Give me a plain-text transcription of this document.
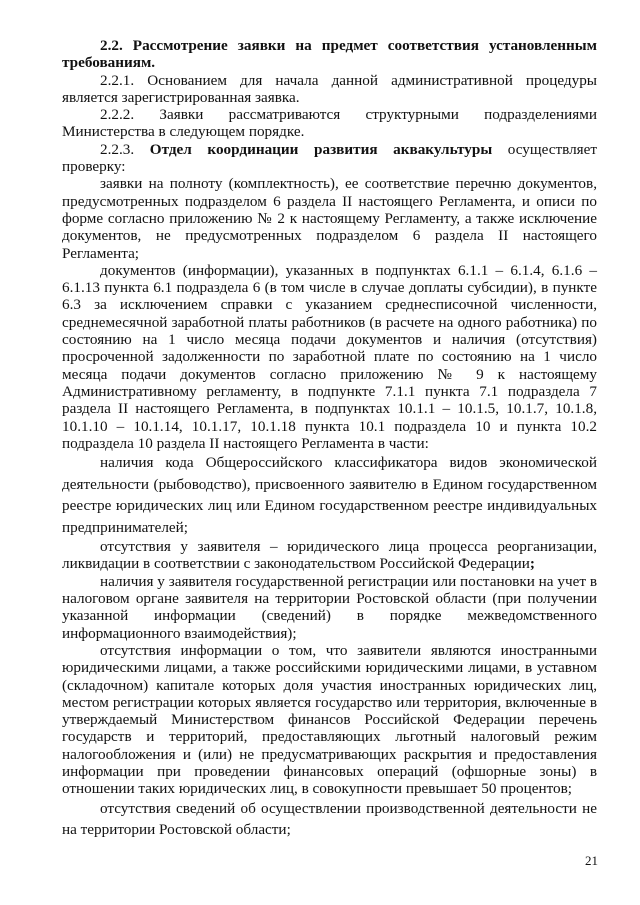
2.2. Рассмотрение заявки на предмет соответствия установленным требованиям.

2.2.1. Основанием для начала данной административной процедуры является зарегистрированная заявка.

2.2.2. Заявки рассматриваются структурными подразделениями Министерства в следующем порядке.

2.2.3. Отдел координации развития аквакультуры осуществляет проверку:

заявки на полноту (комплектность), ее соответствие перечню документов, предусмотренных подразделом 6 раздела II настоящего Регламента, и описи по форме согласно приложению № 2 к настоящему Регламенту, а также исключение документов, не предусмотренных подразделом 6 раздела II настоящего Регламента;

документов (информации), указанных в подпунктах 6.1.1 – 6.1.4, 6.1.6 – 6.1.13 пункта 6.1 подраздела 6 (в том числе в случае доплаты субсидии), в пункте 6.3 за исключением справки с указанием среднесписочной численности, среднемесячной заработной платы работников (в расчете на одного работника) по состоянию на 1 число месяца подачи документов и наличия (отсутствия) просроченной задолженности по заработной плате по состоянию на 1 число месяца подачи документов согласно приложению № 9 к настоящему Административному регламенту, в подпункте 7.1.1 пункта 7.1 подраздела 7 раздела II настоящего Регламента, в подпунктах 10.1.1 – 10.1.5, 10.1.7, 10.1.8, 10.1.10 – 10.1.14, 10.1.17, 10.1.18 пункта 10.1 подраздела 10 и пункта 10.2 подраздела 10 раздела II настоящего Регламента в части:

наличия кода Общероссийского классификатора видов экономической деятельности (рыбоводство), присвоенного заявителю в Едином государственном реестре юридических лиц или Едином государственном реестре индивидуальных предпринимателей;

отсутствия у заявителя – юридического лица процесса реорганизации, ликвидации в соответствии с законодательством Российской Федерации;

наличия у заявителя государственной регистрации или постановки на учет в налоговом органе заявителя на территории Ростовской области (при получении указанной информации (сведений) в порядке межведомственного информационного взаимодействия);

отсутствия информации о том, что заявители являются иностранными юридическими лицами, а также российскими юридическими лицами, в уставном (складочном) капитале которых доля участия иностранных юридических лиц, местом регистрации которых является государство или территория, включенные в утверждаемый Министерством финансов Российской Федерации перечень государств и территорий, предоставляющих льготный налоговый режим налогообложения и (или) не предусматривающих раскрытия и предоставления информации при проведении финансовых операций (офшорные зоны) в отношении таких юридических лиц, в совокупности превышает 50 процентов;

отсутствия сведений об осуществлении производственной деятельности не на территории Ростовской области;

21
